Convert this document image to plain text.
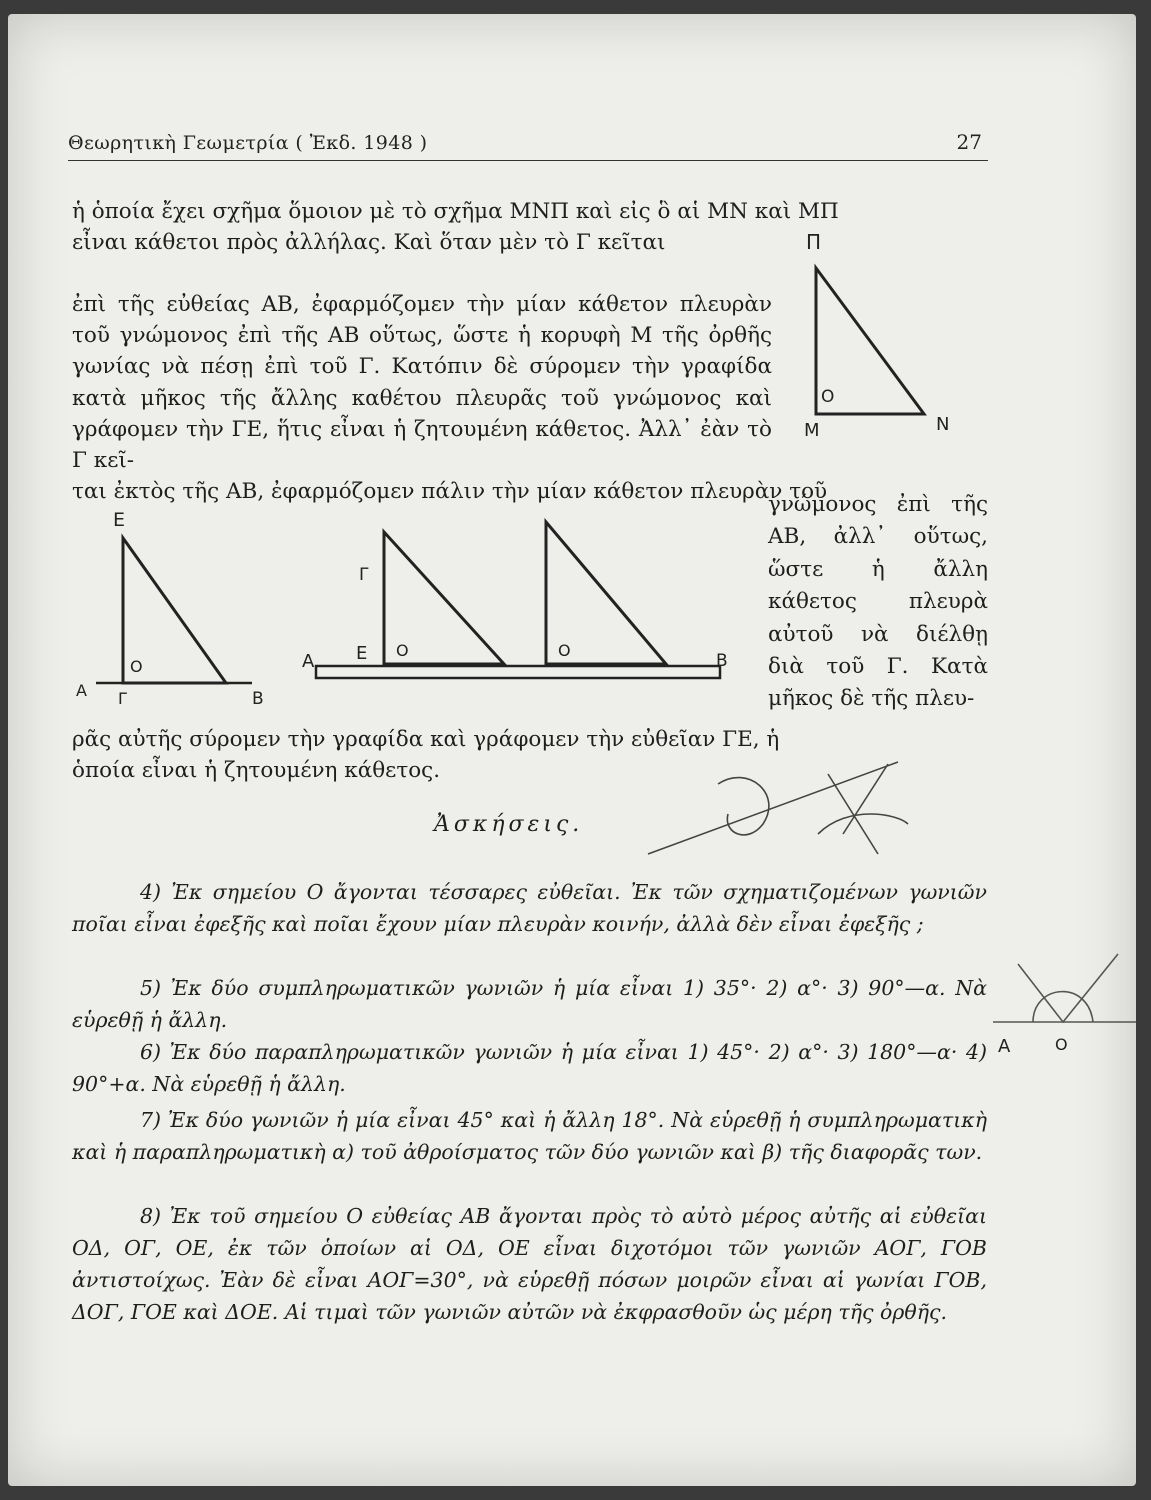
Θεωρητικὴ Γεωμετρία ( Ἐκδ. 1948 )	27
ἡ ὁποία ἔχει σχῆμα ὅμοιον μὲ τὸ σχῆμα ΜΝΠ καὶ εἰς ὃ αἱ ΜΝ καὶ ΜΠ
εἶναι κάθετοι πρὸς ἀλλήλας. Καὶ ὅταν μὲν τὸ Γ κεῖται
ἐπὶ τῆς εὐθείας ΑΒ, ἐφαρμόζομεν τὴν μίαν κάθετον πλευρὰν τοῦ γνώμονος ἐπὶ τῆς ΑΒ οὕτως, ὥστε ἡ κορυφὴ Μ τῆς ὀρθῆς γωνίας νὰ πέσῃ ἐπὶ τοῦ Γ. Κατόπιν δὲ σύρομεν τὴν γραφίδα κατὰ μῆκος τῆς ἄλλης καθέτου πλευρᾶς τοῦ γνώμονος καὶ γράφομεν τὴν ΓΕ, ἥτις εἶναι ἡ ζητουμένη κάθετος. Ἀλλ᾽ ἐὰν τὸ Γ κεῖ-
ται ἐκτὸς τῆς ΑΒ, ἐφαρμόζομεν πάλιν τὴν μίαν κάθετον πλευρὰν τοῦ
γνώμονος ἐπὶ τῆς ΑΒ, ἀλλ᾽ οὕτως, ὥστε ἡ ἄλλη κάθετος πλευρὰ αὐτοῦ νὰ διέλθῃ διὰ τοῦ Γ. Κατὰ μῆκος δὲ τῆς πλευ-
ρᾶς αὐτῆς σύρομεν τὴν γραφίδα καὶ γράφομεν τὴν εὐθεῖαν ΓΕ, ἡ
ὁποία εἶναι ἡ ζητουμένη κάθετος.
Π
Μ	Ν
Ο
Ε
Α Γ	Β
Ο
Γ
Α Ε Ο	Ο
Β
Ἀσκήσεις.
4) Ἐκ σημείου Ο ἄγονται τέσσαρες εὐθεῖαι. Ἐκ τῶν σχηματιζομένων γωνιῶν ποῖαι εἶναι ἐφεξῆς καὶ ποῖαι ἔχουν μίαν πλευρὰν κοινήν, ἀλλὰ δὲν εἶναι ἐφεξῆς ;
5) Ἐκ δύο συμπληρωματικῶν γωνιῶν ἡ μία εἶναι 1) 35°· 2) α°· 3) 90°—α. Νὰ εὑρεθῇ ἡ ἄλλη.
6) Ἐκ δύο παραπληρωματικῶν γωνιῶν ἡ μία εἶναι 1) 45°· 2) α°· 3) 180°—α· 4) 90°+α. Νὰ εὑρεθῇ ἡ ἄλλη.
7) Ἐκ δύο γωνιῶν ἡ μία εἶναι 45° καὶ ἡ ἄλλη 18°. Νὰ εὑρεθῇ ἡ συμπληρωματικὴ καὶ ἡ παραπληρωματικὴ α) τοῦ ἀθροίσματος τῶν δύο γωνιῶν καὶ β) τῆς διαφορᾶς των.
8) Ἐκ τοῦ σημείου Ο εὐθείας ΑΒ ἄγονται πρὸς τὸ αὐτὸ μέρος αὐτῆς αἱ εὐθεῖαι ΟΔ, ΟΓ, ΟΕ, ἐκ τῶν ὁποίων αἱ ΟΔ, ΟΕ εἶναι διχοτόμοι τῶν γωνιῶν ΑΟΓ, ΓΟΒ ἀντιστοίχως. Ἐὰν δὲ εἶναι ΑΟΓ=30°, νὰ εὑρεθῇ πόσων μοιρῶν εἶναι αἱ γωνίαι ΓΟΒ, ΔΟΓ, ΓΟΕ καὶ ΔΟΕ. Αἱ τιμαὶ τῶν γωνιῶν αὐτῶν νὰ ἐκφρασθοῦν ὡς μέρη τῆς ὀρθῆς.
Α	Ο
